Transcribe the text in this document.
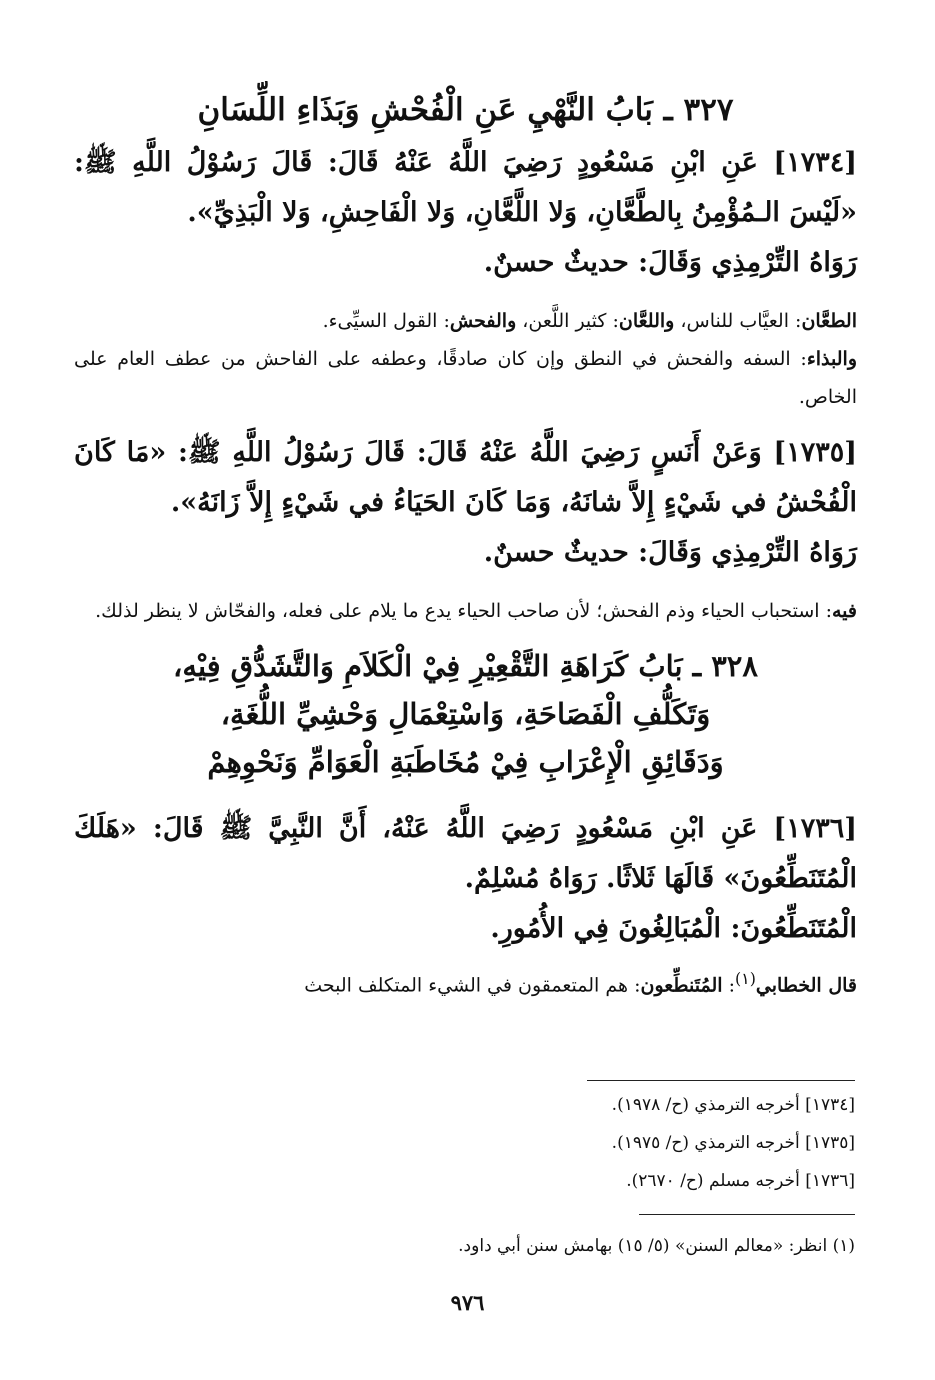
٣٢٧ ـ بَابُ النَّهْيِ عَنِ الْفُحْشِ وَبَذَاءِ اللِّسَانِ

[١٧٣٤] عَنِ ابْنِ مَسْعُودٍ رَضِيَ اللَّهُ عَنْهُ قَالَ: قَالَ رَسُوْلُ اللَّهِ ﷺ: «لَيْسَ الـمُؤْمِنُ بِالطَّعَّانِ، وَلا اللَّعَّانِ، وَلا الْفَاحِشِ، وَلا الْبَذِيِّ».
رَوَاهُ التِّرْمِذِي وَقَالَ: حديثٌ حسنٌ.

الطعَّان: العيَّاب للناس، واللعَّان: كثير اللَّعن، والفحش: القول السيِّىء.
والبذاء: السفه والفحش في النطق وإن كان صادقًا، وعطفه على الفاحش من عطف العام على الخاص.

[١٧٣٥] وَعَنْ أَنَسٍ رَضِيَ اللَّهُ عَنْهُ قَالَ: قَالَ رَسُوْلُ اللَّهِ ﷺ: «مَا كَانَ الْفُحْشُ في شَيْءٍ إِلاَّ شانَهُ، وَمَا كَانَ الحَيَاءُ في شَيْءٍ إِلاَّ زَانَهُ».
رَوَاهُ التِّرْمِذِي وَقَالَ: حديثٌ حسنٌ.

فيه: استحباب الحياء وذم الفحش؛ لأن صاحب الحياء يدع ما يلام على فعله، والفحّاش لا ينظر لذلك.

٣٢٨ ـ بَابُ كَرَاهَةِ التَّقْعِيْرِ فِيْ الْكَلاَمِ وَالتَّشَدُّقِ فِيْهِ،
وَتَكَلُّفِ الْفَصَاحَةِ، وَاسْتِعْمَالِ وَحْشِيِّ اللُّغَةِ،
وَدَقَائِقِ الْإِعْرَابِ فِيْ مُخَاطَبَةِ الْعَوَامِّ وَنَحْوِهِمْ

[١٧٣٦] عَنِ ابْنِ مَسْعُودٍ رَضِيَ اللَّهُ عَنْهُ، أَنَّ النَّبِيَّ ﷺ قَالَ: «هَلَكَ الْمُتَنَطِّعُونَ» قَالَهَا ثَلاثًا. رَوَاهُ مُسْلِمٌ.
الْمُتَنَطِّعُونَ: الْمُبَالِغُونَ فِي الأُمُورِ.

قال الخطابي$^{(١)}$: المُتَنطِّعون: هم المتعمقون في الشيء المتكلف البحث

[١٧٣٤] أخرجه الترمذي (ح/ ١٩٧٨).
[١٧٣٥] أخرجه الترمذي (ح/ ١٩٧٥).
[١٧٣٦] أخرجه مسلم (ح/ ٢٦٧٠).
(١) انظر: «معالم السنن» (٥/ ١٥) بهامش سنن أبي داود.
٩٧٦
